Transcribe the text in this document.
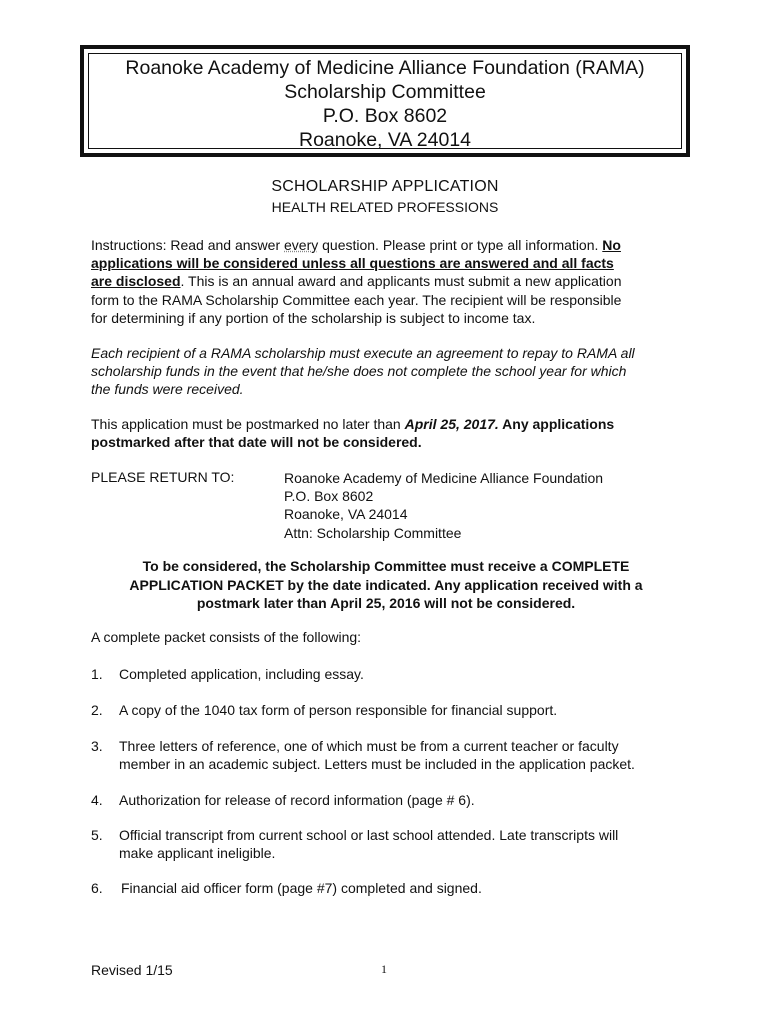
Roanoke Academy of Medicine Alliance Foundation (RAMA)
Scholarship Committee
P.O. Box 8602
Roanoke, VA 24014
SCHOLARSHIP APPLICATION
HEALTH RELATED PROFESSIONS
Instructions: Read and answer every question. Please print or type all information. No
applications will be considered unless all questions are answered and all facts
are disclosed. This is an annual award and applicants must submit a new application
form to the RAMA Scholarship Committee each year. The recipient will be responsible
for determining if any portion of the scholarship is subject to income tax.
Each recipient of a RAMA scholarship must execute an agreement to repay to RAMA all
scholarship funds in the event that he/she does not complete the school year for which
the funds were received.
This application must be postmarked no later than April 25, 2017. Any applications
postmarked after that date will not be considered.
PLEASE RETURN TO:	Roanoke Academy of Medicine Alliance Foundation
P.O. Box 8602
Roanoke, VA 24014
Attn: Scholarship Committee
To be considered, the Scholarship Committee must receive a COMPLETE
APPLICATION PACKET by the date indicated. Any application received with a
postmark later than April 25, 2016 will not be considered.
A complete packet consists of the following:
1. Completed application, including essay.
2. A copy of the 1040 tax form of person responsible for financial support.
3. Three letters of reference, one of which must be from a current teacher or faculty
member in an academic subject. Letters must be included in the application packet.
4. Authorization for release of record information (page # 6).
5. Official transcript from current school or last school attended. Late transcripts will
make applicant ineligible.
6. Financial aid officer form (page #7) completed and signed.
Revised 1/15	1
